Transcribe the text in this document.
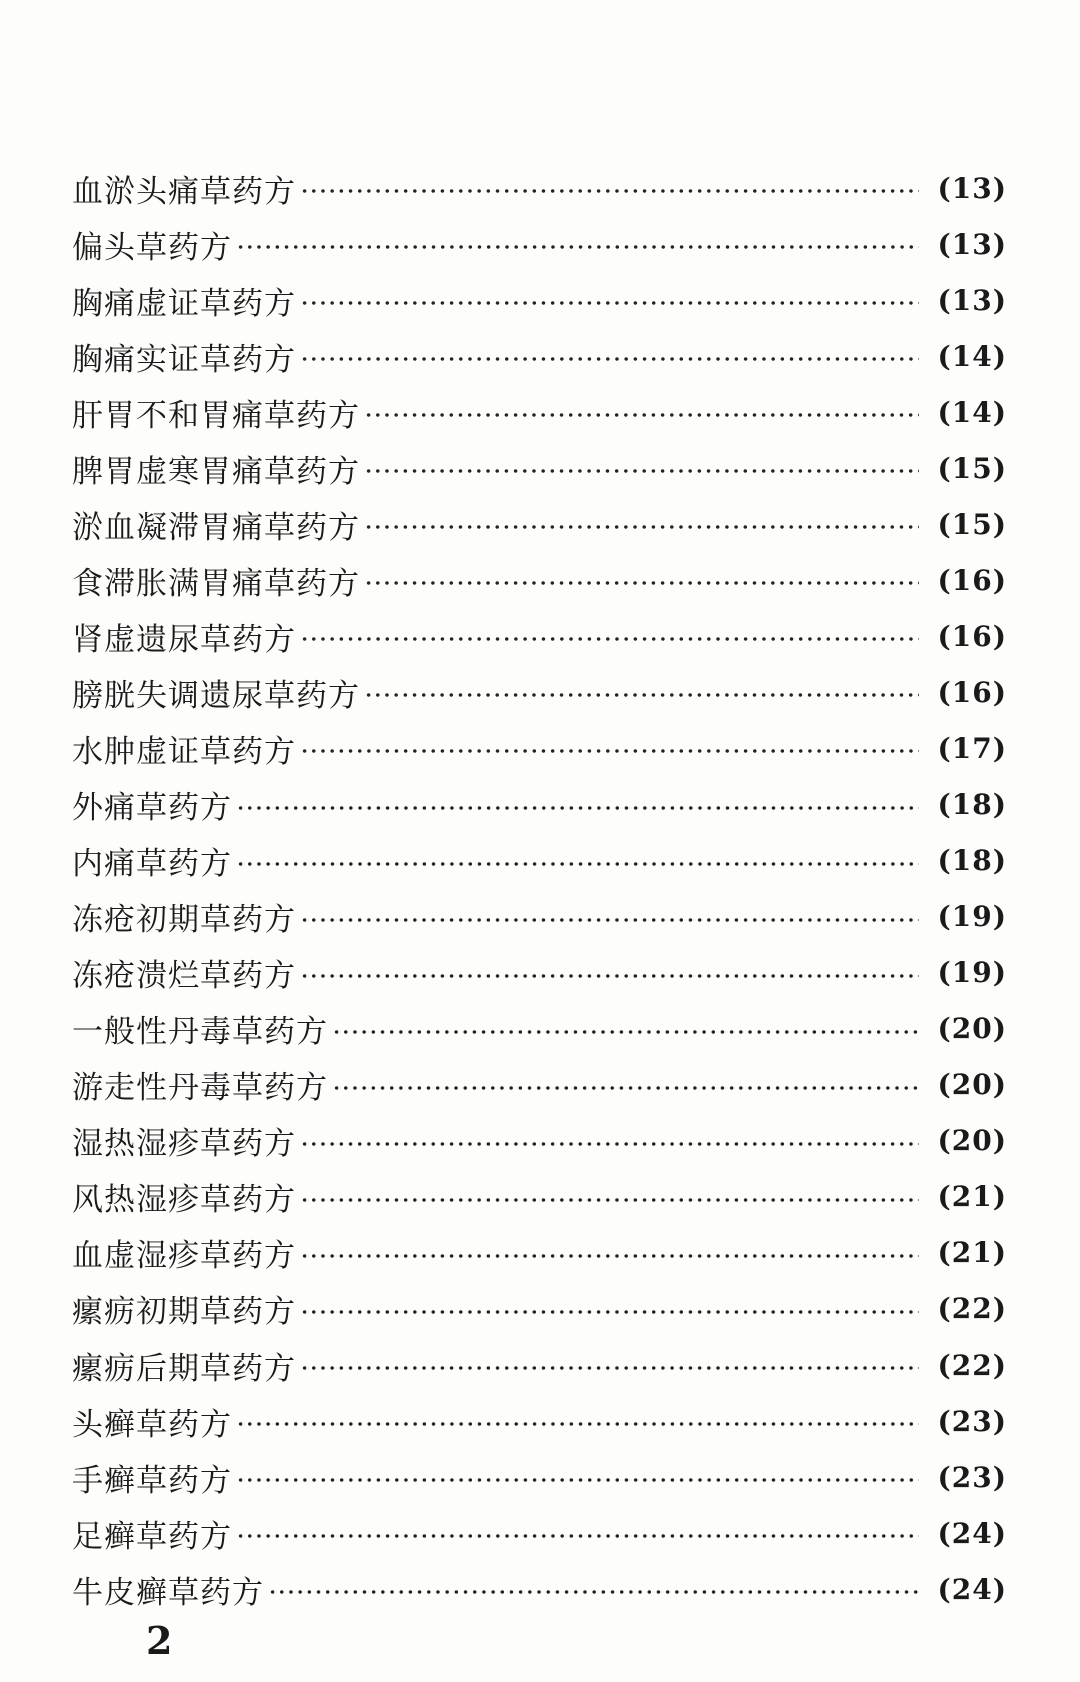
血淤头痛草药方	(13)
偏头草药方	(13)
胸痛虚证草药方	(13)
胸痛实证草药方	(14)
肝胃不和胃痛草药方	(14)
脾胃虚寒胃痛草药方	(15)
淤血凝滞胃痛草药方	(15)
食滞胀满胃痛草药方	(16)
肾虚遗尿草药方	(16)
膀胱失调遗尿草药方	(16)
水肿虚证草药方	(17)
外痛草药方	(18)
内痛草药方	(18)
冻疮初期草药方	(19)
冻疮溃烂草药方	(19)
一般性丹毒草药方	(20)
游走性丹毒草药方	(20)
湿热湿疹草药方	(20)
风热湿疹草药方	(21)
血虚湿疹草药方	(21)
瘰疬初期草药方	(22)
瘰疬后期草药方	(22)
头癣草药方	(23)
手癣草药方	(23)
足癣草药方	(24)
牛皮癣草药方	(24)
2
